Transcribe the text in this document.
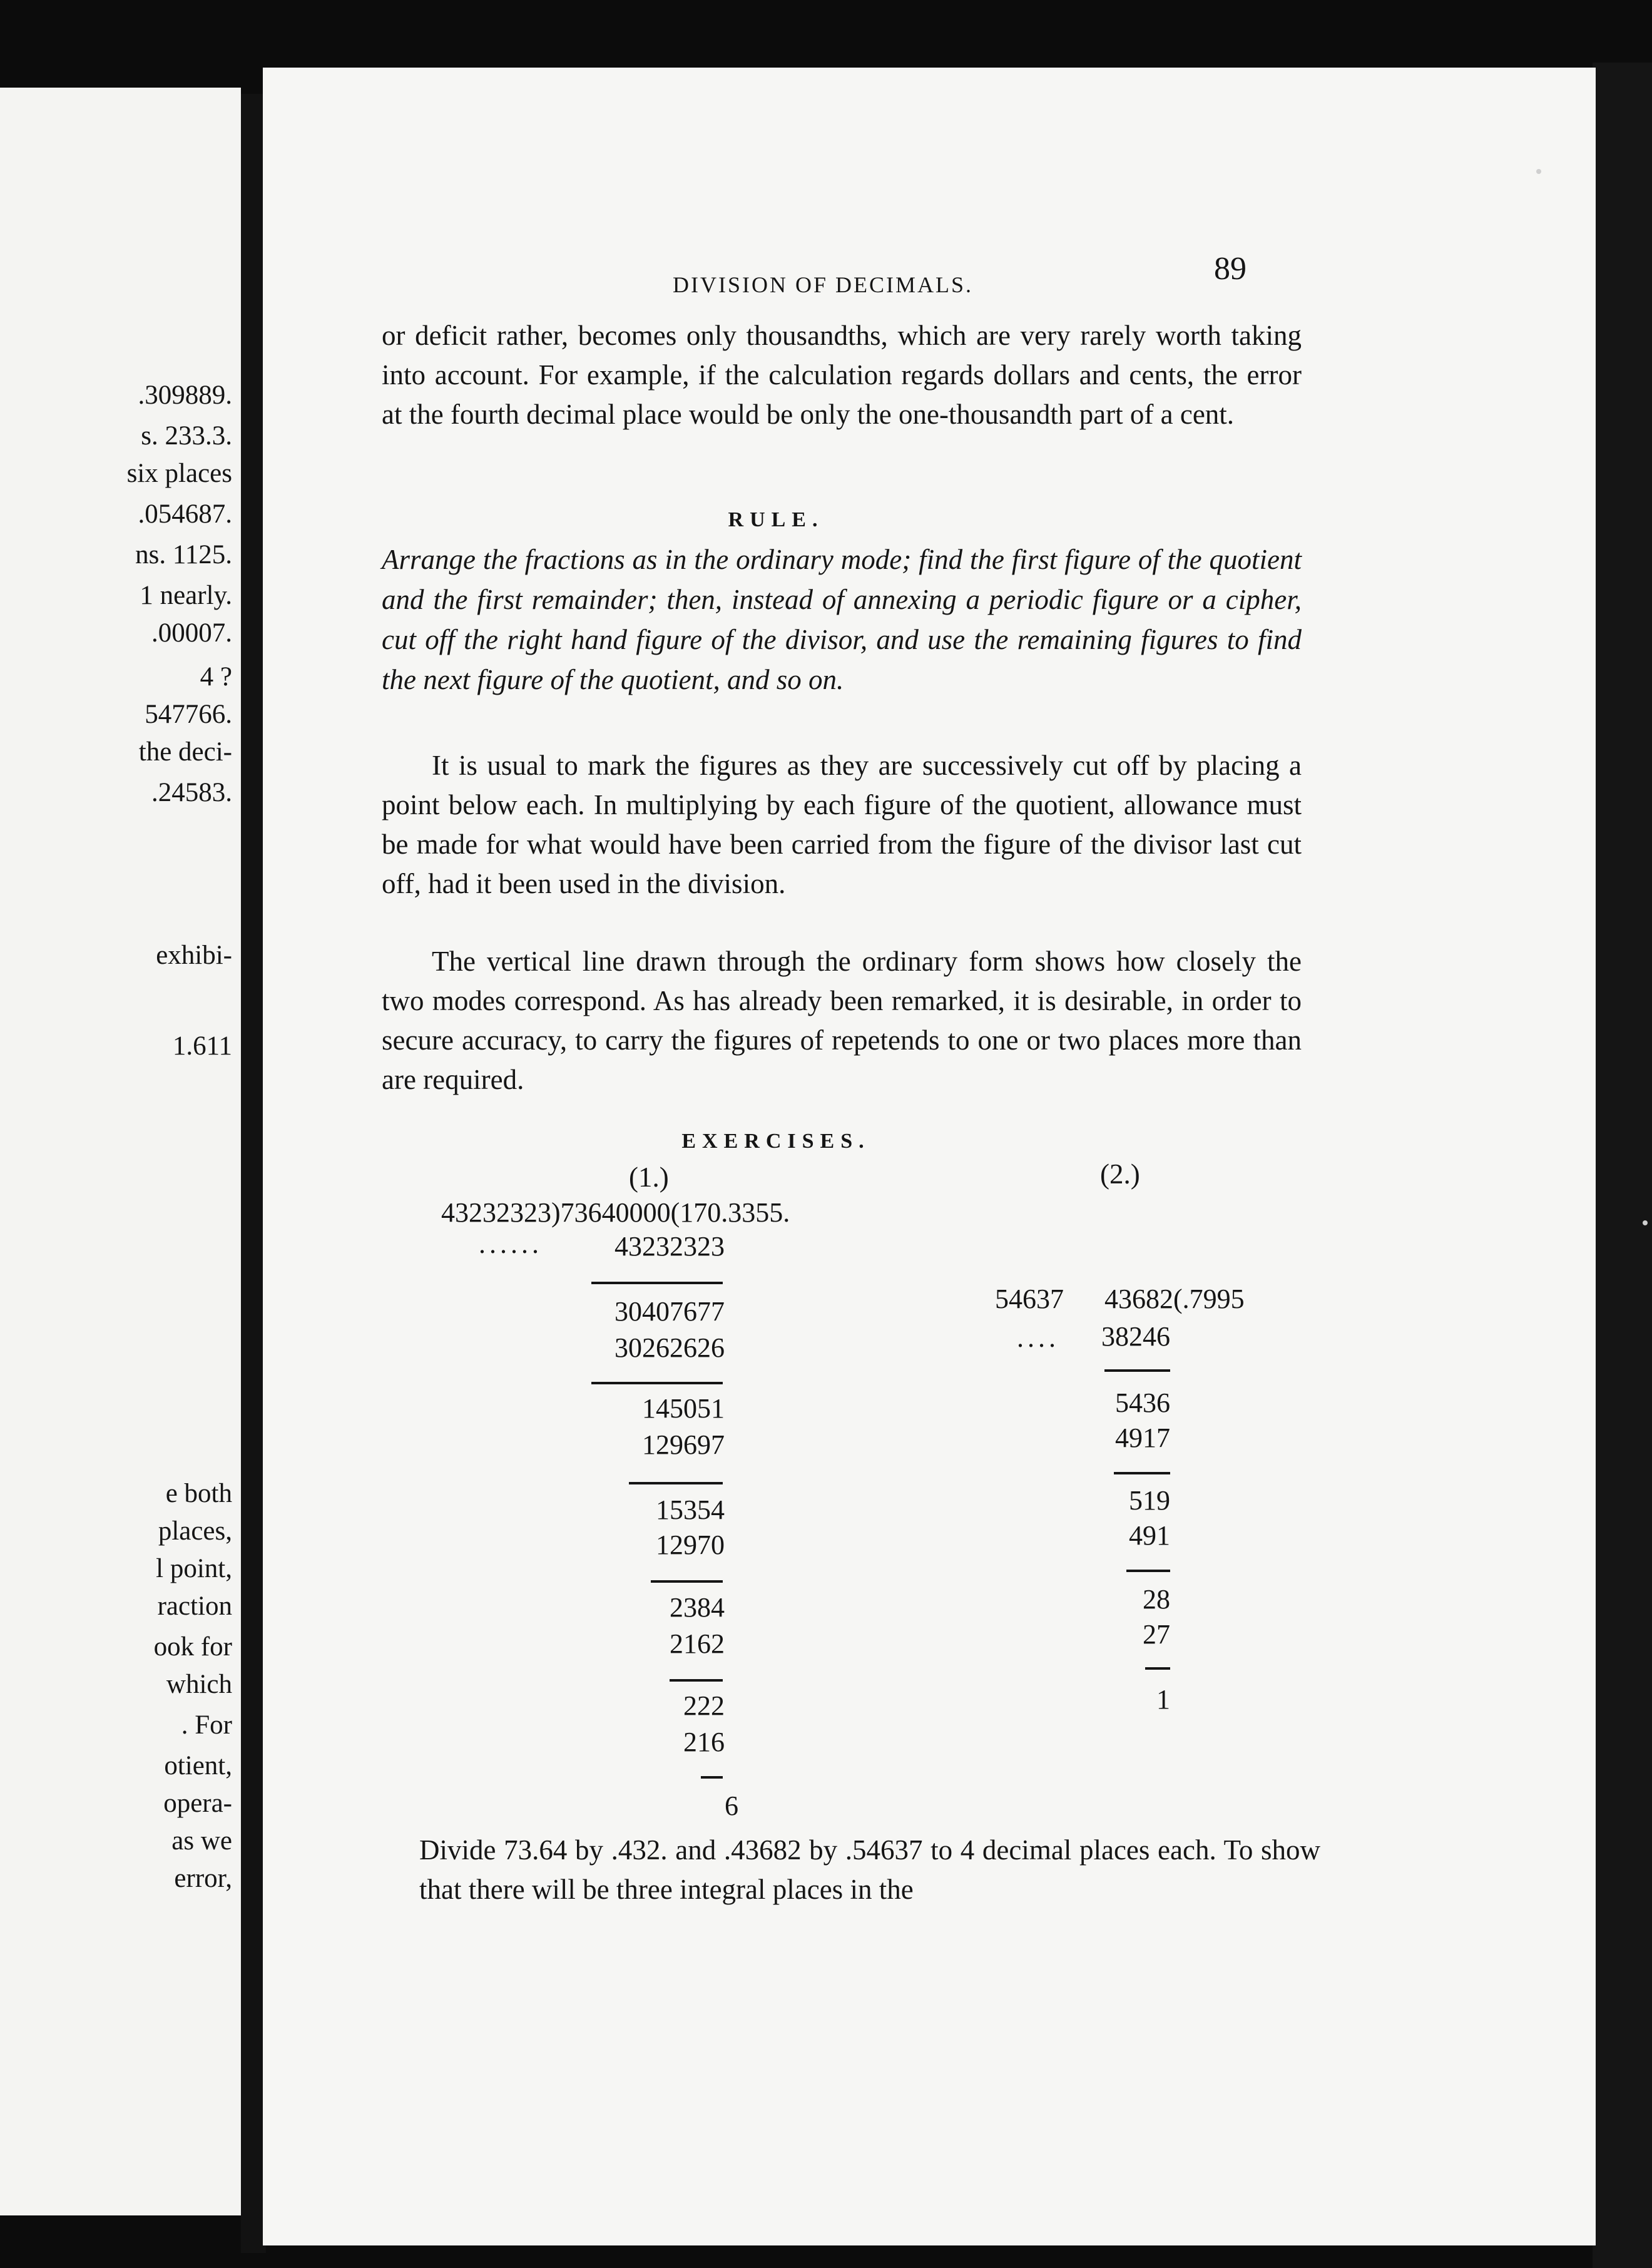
.309889.
s. 233.3.
six places
.054687.
ns. 1125.
1 nearly.
.00007.
4 ?
547766.
the deci-
.24583.
exhibi-
1.611
e both
places,
l point,
raction
ook for
which
. For
otient,
opera-
as we
error,
DIVISION OF DECIMALS.	89

or deficit rather, becomes only thousandths, which are very rarely worth taking into account. For example, if the calculation regards dollars and cents, the error at the fourth decimal place would be only the one-thousandth part of a cent.

RULE.

Arrange the fractions as in the ordinary mode; find the first figure of the quotient and the first remainder; then, instead of annexing a periodic figure or a cipher, cut off the right hand figure of the divisor, and use the remaining figures to find the next figure of the quotient, and so on.

It is usual to mark the figures as they are successively cut off by placing a point below each. In multiplying by each figure of the quotient, allowance must be made for what would have been carried from the figure of the divisor last cut off, had it been used in the division.

The vertical line drawn through the ordinary form shows how closely the two modes correspond. As has already been remarked, it is desirable, in order to secure accuracy, to carry the figures of repetends to one or two places more than are required.

EXERCISES.
(1.)	(2.)
43232323)73640000(170.3355.
......	43232323
30407677
30262626
145051
129697
15354
12970
2384
2162
222
216
6
54637 43682(.7995
....	38246
5436
4917
519
491
28
27
1

Divide 73.64 by .432. and .43682 by .54637 to 4 decimal places each. To show that there will be three integral places in the
